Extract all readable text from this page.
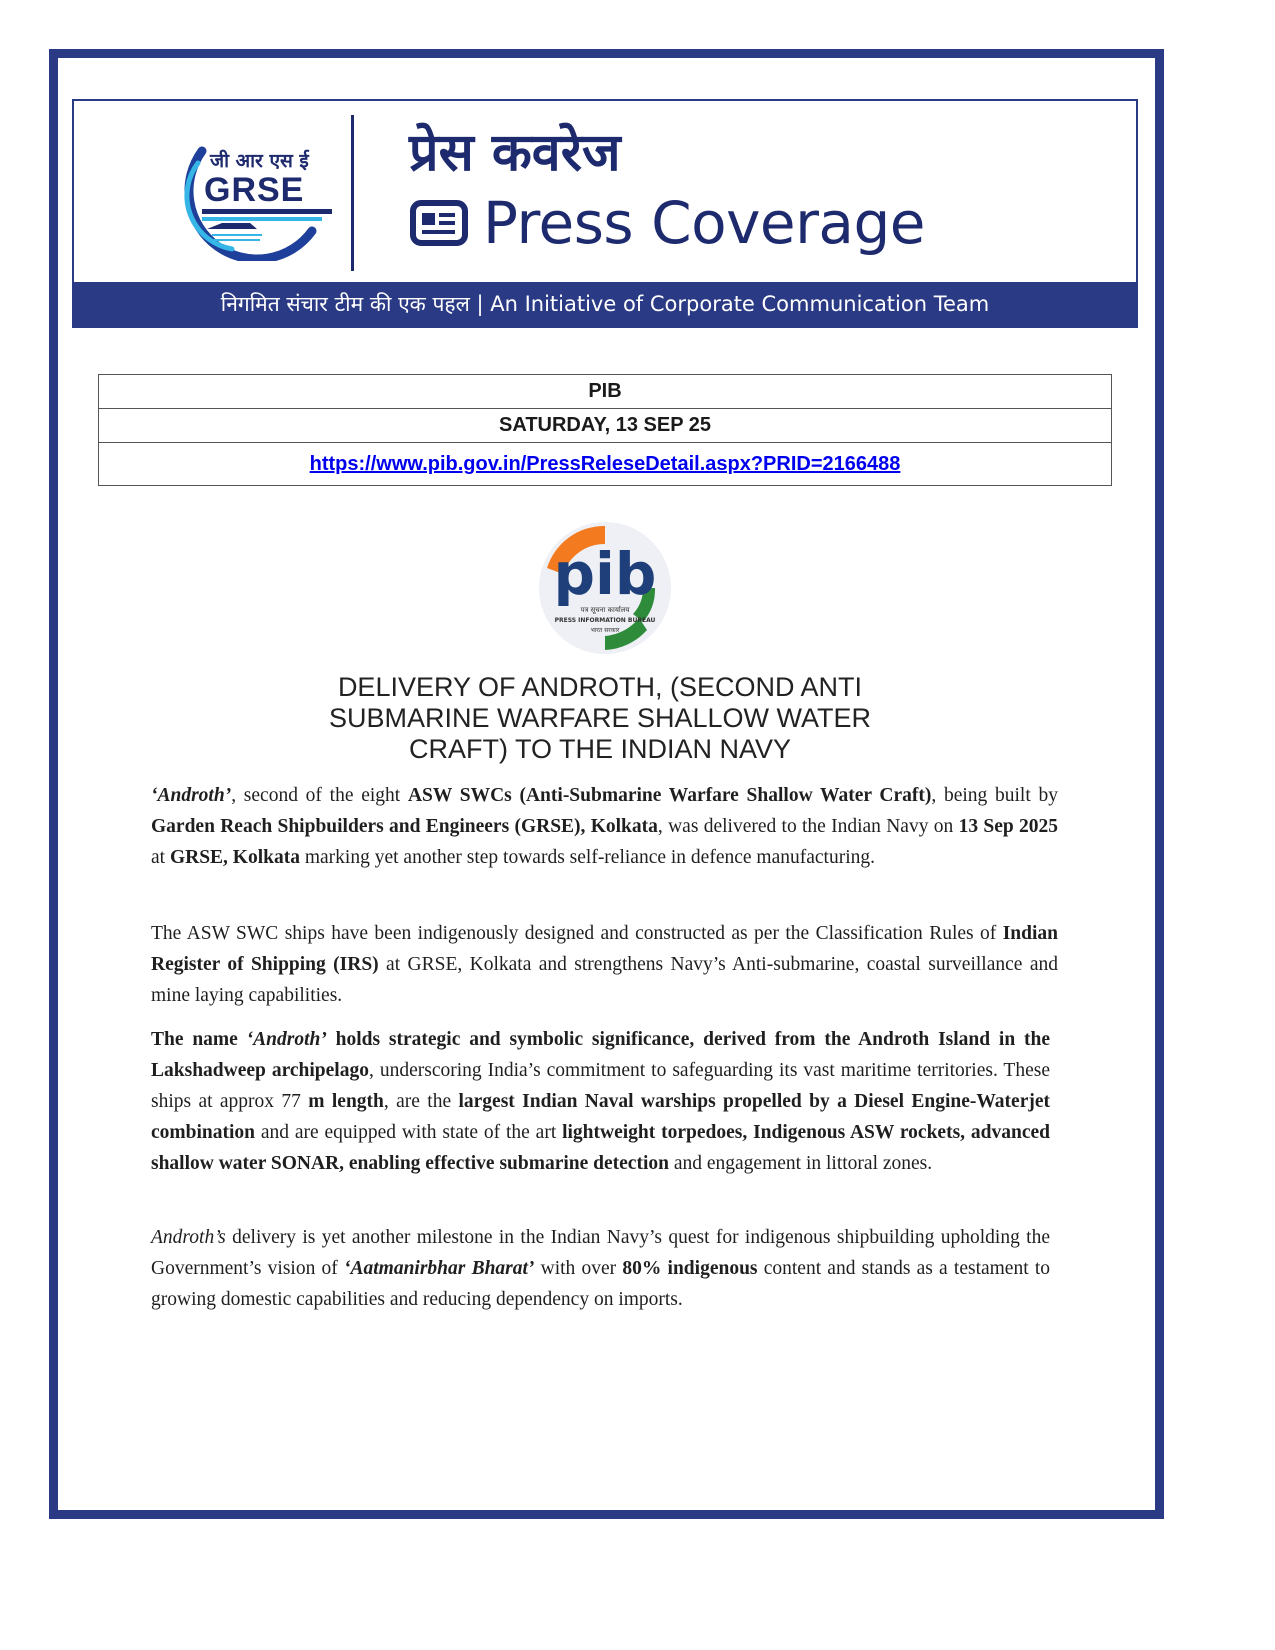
जी आर एस ई
GRSE
प्रेस कवरेज
Press Coverage
निगमित संचार टीम की एक पहल | An Initiative of Corporate Communication Team
PIB
SATURDAY, 13 SEP 25
https://www.pib.gov.in/PressReleseDetail.aspx?PRID=2166488
pib
पत्र सूचना कार्यालय
PRESS INFORMATION BUREAU
भारत सरकार
DELIVERY OF ANDROTH, (SECOND ANTI
SUBMARINE WARFARE SHALLOW WATER
CRAFT) TO THE INDIAN NAVY

‘Androth’, second of the eight ASW SWCs (Anti-Submarine Warfare Shallow Water Craft), being built by Garden Reach Shipbuilders and Engineers (GRSE), Kolkata, was delivered to the Indian Navy on 13 Sep 2025 at GRSE, Kolkata marking yet another step towards self-reliance in defence manufacturing.

The ASW SWC ships have been indigenously designed and constructed as per the Classification Rules of Indian Register of Shipping (IRS) at GRSE, Kolkata and strengthens Navy’s Anti-submarine, coastal surveillance and mine laying capabilities.

The name ‘Androth’ holds strategic and symbolic significance, derived from the Androth Island in the Lakshadweep archipelago, underscoring India’s commitment to safeguarding its vast maritime territories. These ships at approx 77 m length, are the largest Indian Naval warships propelled by a Diesel Engine-Waterjet combination and are equipped with state of the art lightweight torpedoes, Indigenous ASW rockets, advanced shallow water SONAR, enabling effective submarine detection and engagement in littoral zones.

Androth’s delivery is yet another milestone in the Indian Navy’s quest for indigenous shipbuilding upholding the Government’s vision of ‘Aatmanirbhar Bharat’ with over 80% indigenous content and stands as a testament to growing domestic capabilities and reducing dependency on imports.
